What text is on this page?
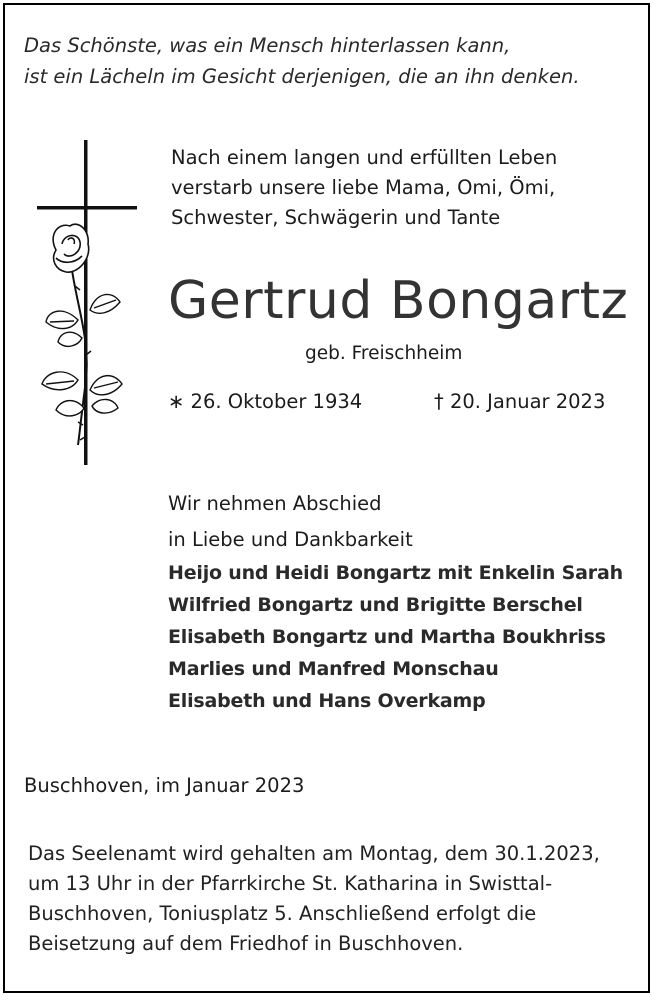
Das Schönste, was ein Mensch hinterlassen kann,
ist ein Lächeln im Gesicht derjenigen, die an ihn denken.
Nach einem langen und erfüllten Leben
verstarb unsere liebe Mama, Omi, Ömi,
Schwester, Schwägerin und Tante
Gertrud Bongartz
geb. Freischheim
∗ 26. Oktober 1934	† 20. Januar 2023
Wir nehmen Abschied
in Liebe und Dankbarkeit
Heijo und Heidi Bongartz mit Enkelin Sarah
Wilfried Bongartz und Brigitte Berschel
Elisabeth Bongartz und Martha Boukhriss
Marlies und Manfred Monschau
Elisabeth und Hans Overkamp
Buschhoven, im Januar 2023
Das Seelenamt wird gehalten am Montag, dem 30.1.2023,
um 13 Uhr in der Pfarrkirche St. Katharina in Swisttal-
Buschhoven, Toniusplatz 5. Anschließend erfolgt die
Beisetzung auf dem Friedhof in Buschhoven.
